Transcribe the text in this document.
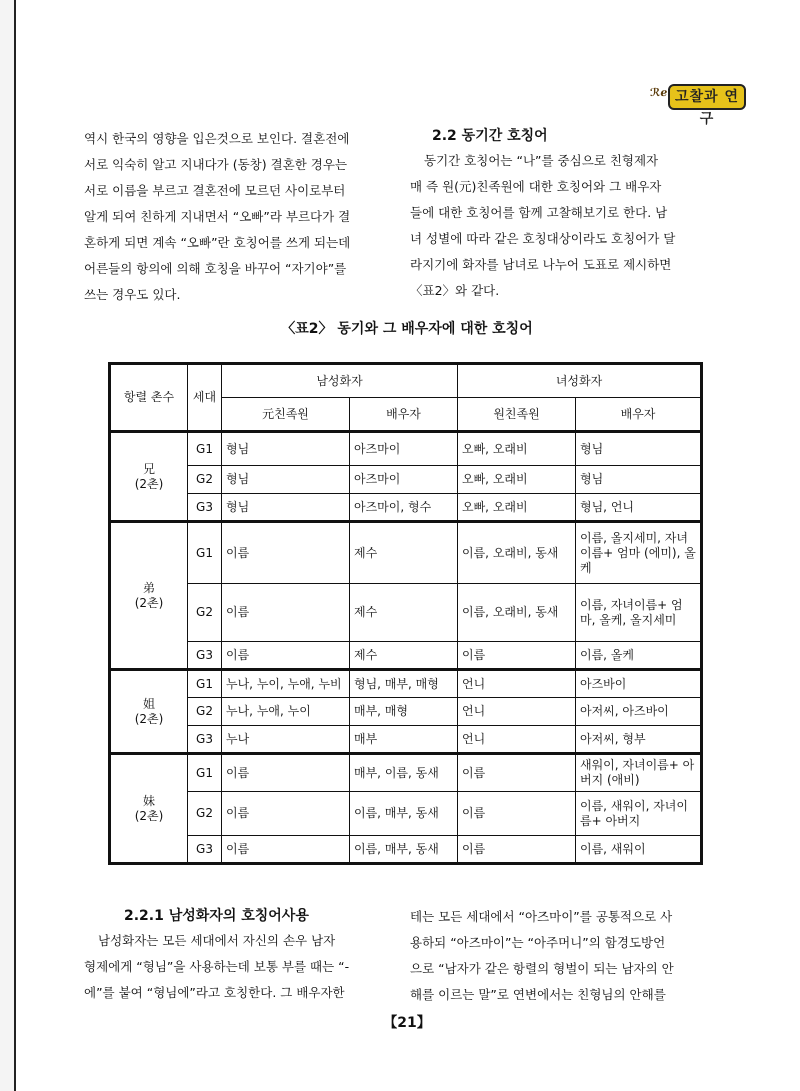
ℛℯ 고찰과 연구

역시 한국의 영향을 입은것으로 보인다. 결혼전에

서로 익숙히 알고 지내다가 (동창) 결혼한 경우는

서로 이름을 부르고 결혼전에 모르던 사이로부터

알게 되여 친하게 지내면서 “오빠”라 부르다가 결

혼하게 되면 계속 “오빠”란 호칭어를 쓰게 되는데

어른들의 항의에 의해 호칭을 바꾸어 “자기야”를

쓰는 경우도 있다.

2.2 동기간 호칭어

동기간 호칭어는 “나”를 중심으로 친형제자

매 즉 원(元)친족원에 대한 호칭어와 그 배우자

들에 대한 호칭어를 함께 고찰해보기로 한다. 남

녀 성별에 따라 같은 호칭대상이라도 호칭어가 달

라지기에 화자를 남녀로 나누어 도표로 제시하면

〈표2〉와 같다.

〈표2〉 동기와 그 배우자에 대한 호칭어
항렬 촌수	세대	남성화자		녀성화자	
		元친족원	배우자	원친족원	배우자
兄
(2촌)	G1	형님	아즈마이	오빠, 오래비	형님
	G2	형님	아즈마이	오빠, 오래비	형님
	G3	형님	아즈마이, 형수	오빠, 오래비	형님, 언니
弟
(2촌)	G1	이름	제수	이름, 오래비, 동새	이름, 올지세미, 자녀이름+ 엄마 (에미), 올케
	G2	이름	제수	이름, 오래비, 동새	이름, 자녀이름+ 엄마, 올케, 올지세미
	G3	이름	제수	이름	이름, 올케
姐
(2촌)	G1	누나, 누이, 누애, 누비	형님, 매부, 매형	언니	아즈바이
	G2	누나, 누애, 누이	매부, 매형	언니	아저씨, 아즈바이
	G3	누나	매부	언니	아저씨, 형부
妹
(2촌)	G1	이름	매부, 이름, 동새	이름	새워이, 자녀이름+ 아버지 (애비)
	G2	이름	이름, 매부, 동새	이름	이름, 새워이, 자녀이름+ 아버지
	G3	이름	이름, 매부, 동새	이름	이름, 새워이

2.2.1 남성화자의 호칭어사용

남성화자는 모든 세대에서 자신의 손우 남자

형제에게 “형님”을 사용하는데 보통 부를 때는 “-

에”를 붙여 “형님에”라고 호칭한다. 그 배우자한

테는 모든 세대에서 “아즈마이”를 공통적으로 사

용하되 “아즈마이”는 “아주머니”의 함경도방언

으로 “남자가 같은 항렬의 형벌이 되는 남자의 안

해를 이르는 말”로 연변에서는 친형님의 안해를

【21】
